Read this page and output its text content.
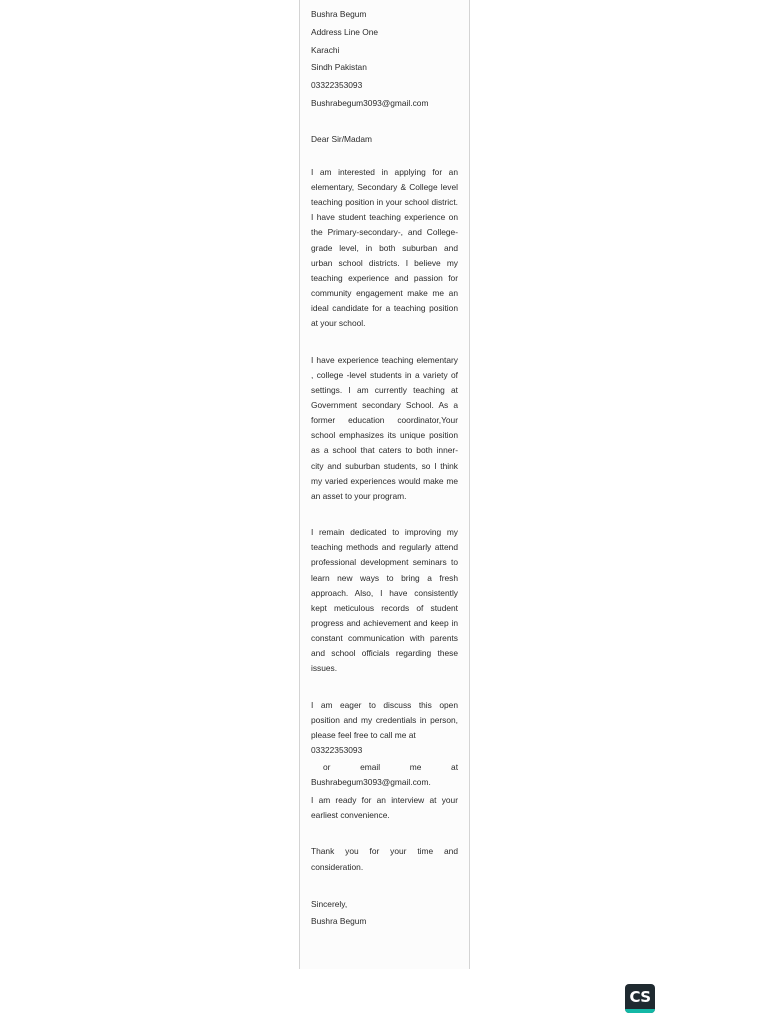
Bushra Begum
Address Line One
Karachi
Sindh Pakistan
03322353093
Bushrabegum3093@gmail.com
Dear Sir/Madam

I am interested in applying for an elementary, Secondary & College level teaching position in your school district. I have student teaching experience on the Primary-secondary-, and College-grade level, in both suburban and urban school districts. I believe my teaching experience and passion for community engagement make me an ideal candidate for a teaching position at your school.

I have experience teaching elementary , college -level students in a variety of settings. I am currently teaching at Government secondary School. As a former education coordinator,Your school emphasizes its unique position as a school that caters to both inner-city and suburban students, so I think my varied experiences would make me an asset to your program.

I remain dedicated to improving my teaching methods and regularly attend professional development seminars to learn new ways to bring a fresh approach. Also, I have consistently kept meticulous records of student progress and achievement and keep in constant communication with parents and school officials regarding these issues.

I am eager to discuss this open position and my credentials in person, please feel free to call me at

03322353093
or	email	me	at
Bushrabegum3093@gmail.com.

I am ready for an interview at your earliest convenience.

Thank you for your time and consideration.

Sincerely,
Bushra Begum
CS
